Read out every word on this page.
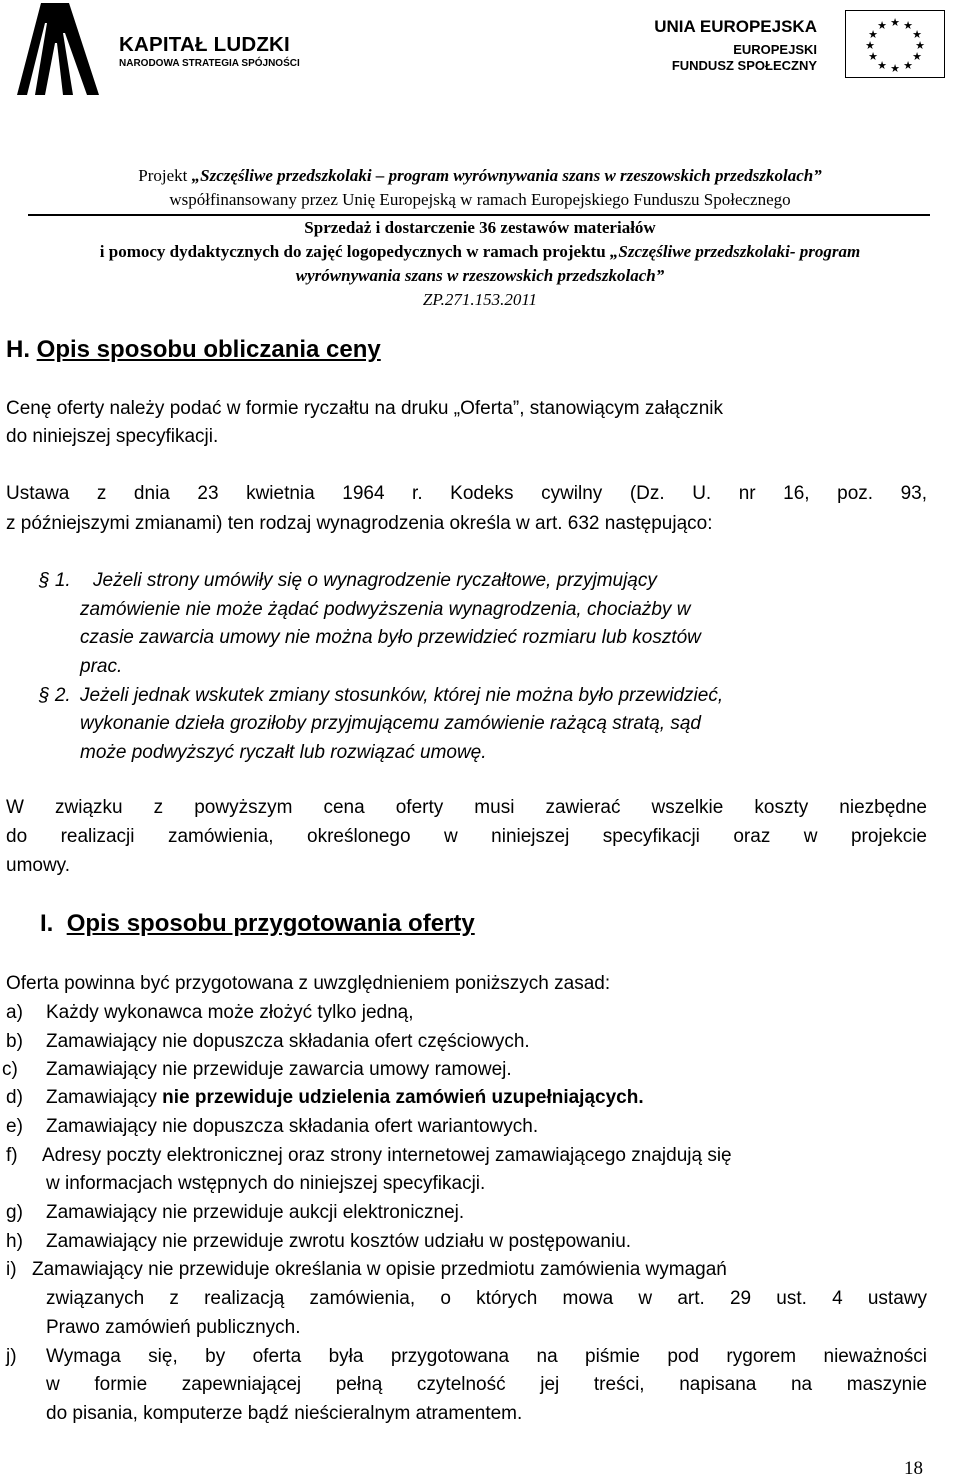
KAPITAŁ LUDZKI
NARODOWA STRATEGIA SPÓJNOŚCI
UNIA EUROPEJSKA
EUROPEJSKI
FUNDUSZ SPOŁECZNY
★ ★
★
★
★
★
★
★
★
★
★
★
Projekt „Szczęśliwe przedszkolaki – program wyrównywania szans w rzeszowskich przedszkolach”
współfinansowany przez Unię Europejską w ramach Europejskiego Funduszu Społecznego
Sprzedaż i dostarczenie 36 zestawów materiałów
i pomocy dydaktycznych do zajęć logopedycznych w ramach projektu „Szczęśliwe przedszkolaki- program
wyrównywania szans w rzeszowskich przedszkolach”
ZP.271.153.2011
H. Opis sposobu obliczania ceny
Cenę oferty należy podać w formie ryczałtu na druku „Oferta”, stanowiącym załącznik
do niniejszej specyfikacji.
Ustawa z dnia 23 kwietnia 1964 r. Kodeks cywilny (Dz. U. nr 16, poz. 93,
z późniejszymi zmianami) ten rodzaj wynagrodzenia określa w art. 632 następująco:
§ 1. Jeżeli strony umówiły się o wynagrodzenie ryczałtowe, przyjmujący
zamówienie nie może żądać podwyższenia wynagrodzenia, chociażby w
czasie zawarcia umowy nie można było przewidzieć rozmiaru lub kosztów
prac.
§ 2. Jeżeli jednak wskutek zmiany stosunków, której nie można było przewidzieć,
wykonanie dzieła groziłoby przyjmującemu zamówienie rażącą stratą, sąd
może podwyższyć ryczałt lub rozwiązać umowę.
W związku z powyższym cena oferty musi zawierać wszelkie koszty niezbędne
do realizacji zamówienia, określonego w niniejszej specyfikacji oraz w projekcie
umowy.
I. Opis sposobu przygotowania oferty
Oferta powinna być przygotowana z uwzględnieniem poniższych zasad:
a) Każdy wykonawca może złożyć tylko jedną,
b) Zamawiający nie dopuszcza składania ofert częściowych.
c) Zamawiający nie przewiduje zawarcia umowy ramowej.
d) Zamawiający nie przewiduje udzielenia zamówień uzupełniających.
e) Zamawiający nie dopuszcza składania ofert wariantowych.
f) Adresy poczty elektronicznej oraz strony internetowej zamawiającego znajdują się
w informacjach wstępnych do niniejszej specyfikacji.
g) Zamawiający nie przewiduje aukcji elektronicznej.
h) Zamawiający nie przewiduje zwrotu kosztów udziału w postępowaniu.
i) Zamawiający nie przewiduje określania w opisie przedmiotu zamówienia wymagań
związanych z realizacją zamówienia, o których mowa w art. 29 ust. 4 ustawy
Prawo zamówień publicznych.
j) Wymaga się, by oferta była przygotowana na piśmie pod rygorem nieważności
w formie zapewniającej pełną czytelność jej treści, napisana na maszynie
do pisania, komputerze bądź nieścieralnym atramentem.
18
